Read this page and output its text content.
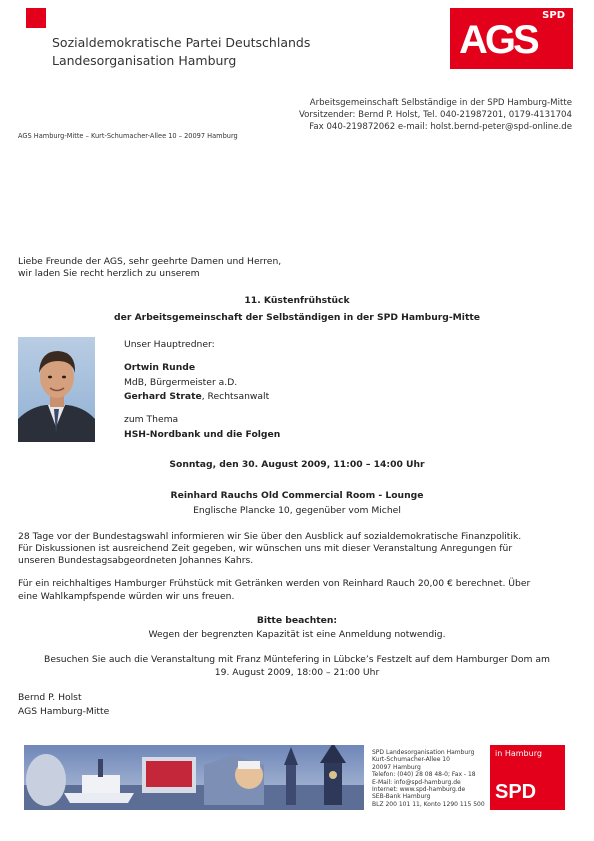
Sozialdemokratische Partei Deutschlands
Landesorganisation Hamburg
SPD
AGS
Arbeitsgemeinschaft Selbständige in der SPD Hamburg-Mitte
Vorsitzender: Bernd P. Holst, Tel. 040-21987201, 0179-4131704
Fax 040-219872062 e-mail: holst.bernd-peter@spd-online.de
AGS Hamburg-Mitte – Kurt-Schumacher-Allee 10 – 20097 Hamburg
Liebe Freunde der AGS, sehr geehrte Damen und Herren,
wir laden Sie recht herzlich zu unserem
11. Küstenfrühstück
der Arbeitsgemeinschaft der Selbständigen in der SPD Hamburg-Mitte
Unser Hauptredner:
Ortwin Runde
MdB, Bürgermeister a.D.
Gerhard Strate, Rechtsanwalt
zum Thema
HSH-Nordbank und die Folgen
Sonntag, den 30. August 2009, 11:00 – 14:00 Uhr
Reinhard Rauchs Old Commercial Room - Lounge
Englische Plancke 10, gegenüber vom Michel
28 Tage vor der Bundestagswahl informieren wir Sie über den Ausblick auf sozialdemokratische Finanzpolitik.
Für Diskussionen ist ausreichend Zeit gegeben, wir wünschen uns mit dieser Veranstaltung Anregungen für
unseren Bundestagsabgeordneten Johannes Kahrs.
Für ein reichhaltiges Hamburger Frühstück mit Getränken werden von Reinhard Rauch 20,00 € berechnet. Über
eine Wahlkampfspende würden wir uns freuen.
Bitte beachten:
Wegen der begrenzten Kapazität ist eine Anmeldung notwendig.
Besuchen Sie auch die Veranstaltung mit Franz Müntefering in Lübcke’s Festzelt auf dem Hamburger Dom am
19. August 2009, 18:00 – 21:00 Uhr
Bernd P. Holst
AGS Hamburg-Mitte
SPD Landesorganisation Hamburg
Kurt-Schumacher-Allee 10
20097 Hamburg
Telefon: (040) 28 08 48-0; Fax - 18
E-Mail: info@spd-hamburg.de
Internet: www.spd-hamburg.de
SEB-Bank Hamburg
BLZ 200 101 11, Konto 1290 115 500
in Hamburg
SPD
